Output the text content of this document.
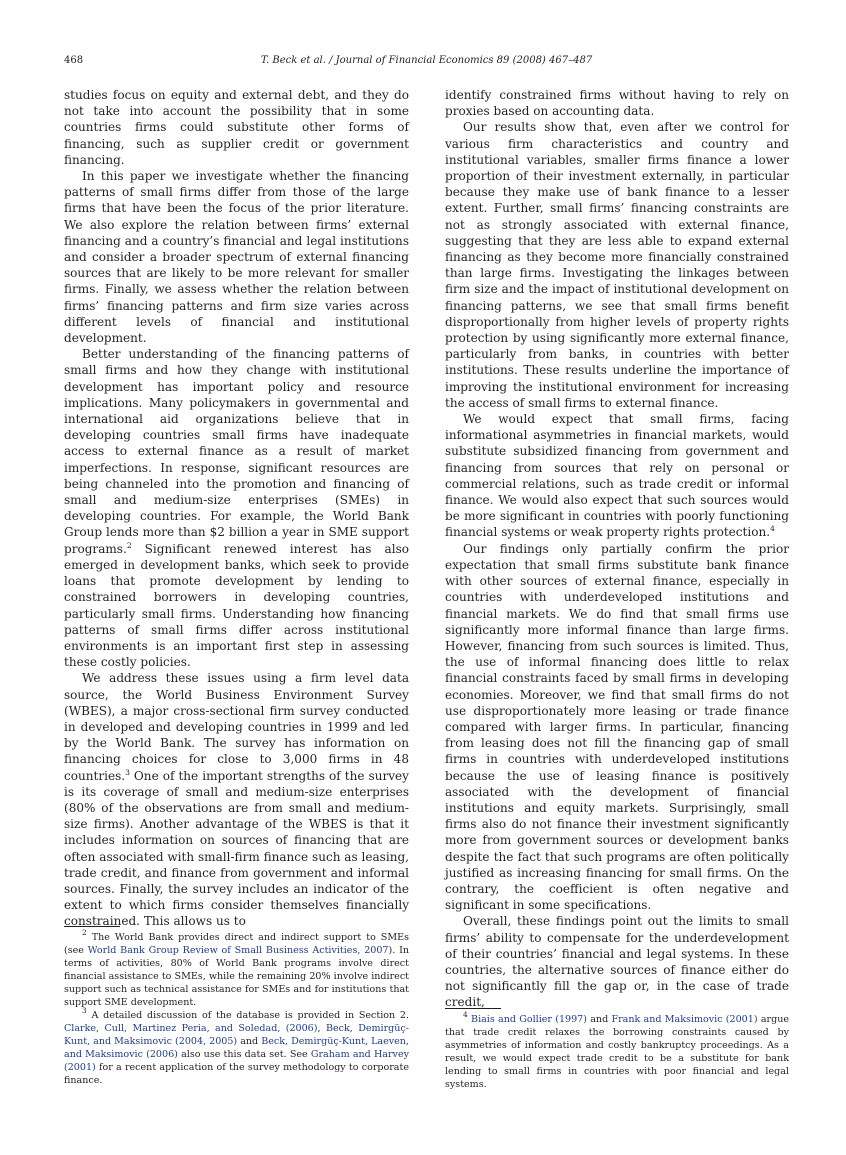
468	T. Beck et al. / Journal of Financial Economics 89 (2008) 467–487

studies focus on equity and external debt, and they do not take into account the possibility that in some countries firms could substitute other forms of financing, such as supplier credit or government financing.

In this paper we investigate whether the financing patterns of small firms differ from those of the large firms that have been the focus of the prior literature. We also explore the relation between firms’ external financing and a country’s financial and legal institutions and consider a broader spectrum of external financing sources that are likely to be more relevant for smaller firms. Finally, we assess whether the relation between firms’ financing patterns and firm size varies across different levels of financial and institutional development.

Better understanding of the financing patterns of small firms and how they change with institutional development has important policy and resource implications. Many policymakers in governmental and international aid organizations believe that in developing countries small firms have inadequate access to external finance as a result of market imperfections. In response, significant resources are being channeled into the promotion and financing of small and medium-size enterprises (SMEs) in developing countries. For example, the World Bank Group lends more than $2 billion a year in SME support programs.$^2$ Significant renewed interest has also emerged in development banks, which seek to provide loans that promote development by lending to constrained borrowers in developing countries, particularly small firms. Understanding how financing patterns of small firms differ across institutional environments is an important first step in assessing these costly policies.

We address these issues using a firm level data source, the World Business Environment Survey (WBES), a major cross-sectional firm survey conducted in developed and developing countries in 1999 and led by the World Bank. The survey has information on financing choices for close to 3,000 firms in 48 countries.$^3$ One of the important strengths of the survey is its coverage of small and medium-size enterprises (80% of the observations are from small and medium-size firms). Another advantage of the WBES is that it includes information on sources of financing that are often associated with small-firm finance such as leasing, trade credit, and finance from government and informal sources. Finally, the survey includes an indicator of the extent to which firms consider themselves financially constrained. This allows us to

identify constrained firms without having to rely on proxies based on accounting data.

Our results show that, even after we control for various firm characteristics and country and institutional variables, smaller firms finance a lower proportion of their investment externally, in particular because they make use of bank finance to a lesser extent. Further, small firms’ financing constraints are not as strongly associated with external finance, suggesting that they are less able to expand external financing as they become more financially constrained than large firms. Investigating the linkages between firm size and the impact of institutional development on financing patterns, we see that small firms benefit disproportionally from higher levels of property rights protection by using significantly more external finance, particularly from banks, in countries with better institutions. These results underline the importance of improving the institutional environment for increasing the access of small firms to external finance.

We would expect that small firms, facing informational asymmetries in financial markets, would substitute subsidized financing from government and financing from sources that rely on personal or commercial relations, such as trade credit or informal finance. We would also expect that such sources would be more significant in countries with poorly functioning financial systems or weak property rights protection.$^4$

Our findings only partially confirm the prior expectation that small firms substitute bank finance with other sources of external finance, especially in countries with underdeveloped institutions and financial markets. We do find that small firms use significantly more informal finance than large firms. However, financing from such sources is limited. Thus, the use of informal financing does little to relax financial constraints faced by small firms in developing economies. Moreover, we find that small firms do not use disproportionately more leasing or trade finance compared with larger firms. In particular, financing from leasing does not fill the financing gap of small firms in countries with underdeveloped institutions because the use of leasing finance is positively associated with the development of financial institutions and equity markets. Surprisingly, small firms also do not finance their investment significantly more from government sources or development banks despite the fact that such programs are often politically justified as increasing financing for small firms. On the contrary, the coefficient is often negative and significant in some specifications.

Overall, these findings point out the limits to small firms’ ability to compensate for the underdevelopment of their countries’ financial and legal systems. In these countries, the alternative sources of finance either do not significantly fill the gap or, in the case of trade credit,

$^2$ The World Bank provides direct and indirect support to SMEs (see World Bank Group Review of Small Business Activities, 2007). In terms of activities, 80% of World Bank programs involve direct financial assistance to SMEs, while the remaining 20% involve indirect support such as technical assistance for SMEs and for institutions that support SME development.

$^3$ A detailed discussion of the database is provided in Section 2. Clarke, Cull, Martinez Peria, and Soledad, (2006), Beck, Demirgüç-Kunt, and Maksimovic (2004, 2005) and Beck, Demirgüç-Kunt, Laeven, and Maksimovic (2006) also use this data set. See Graham and Harvey (2001) for a recent application of the survey methodology to corporate finance.

$^4$ Biais and Gollier (1997) and Frank and Maksimovic (2001) argue that trade credit relaxes the borrowing constraints caused by asymmetries of information and costly bankruptcy proceedings. As a result, we would expect trade credit to be a substitute for bank lending to small firms in countries with poor financial and legal systems.
